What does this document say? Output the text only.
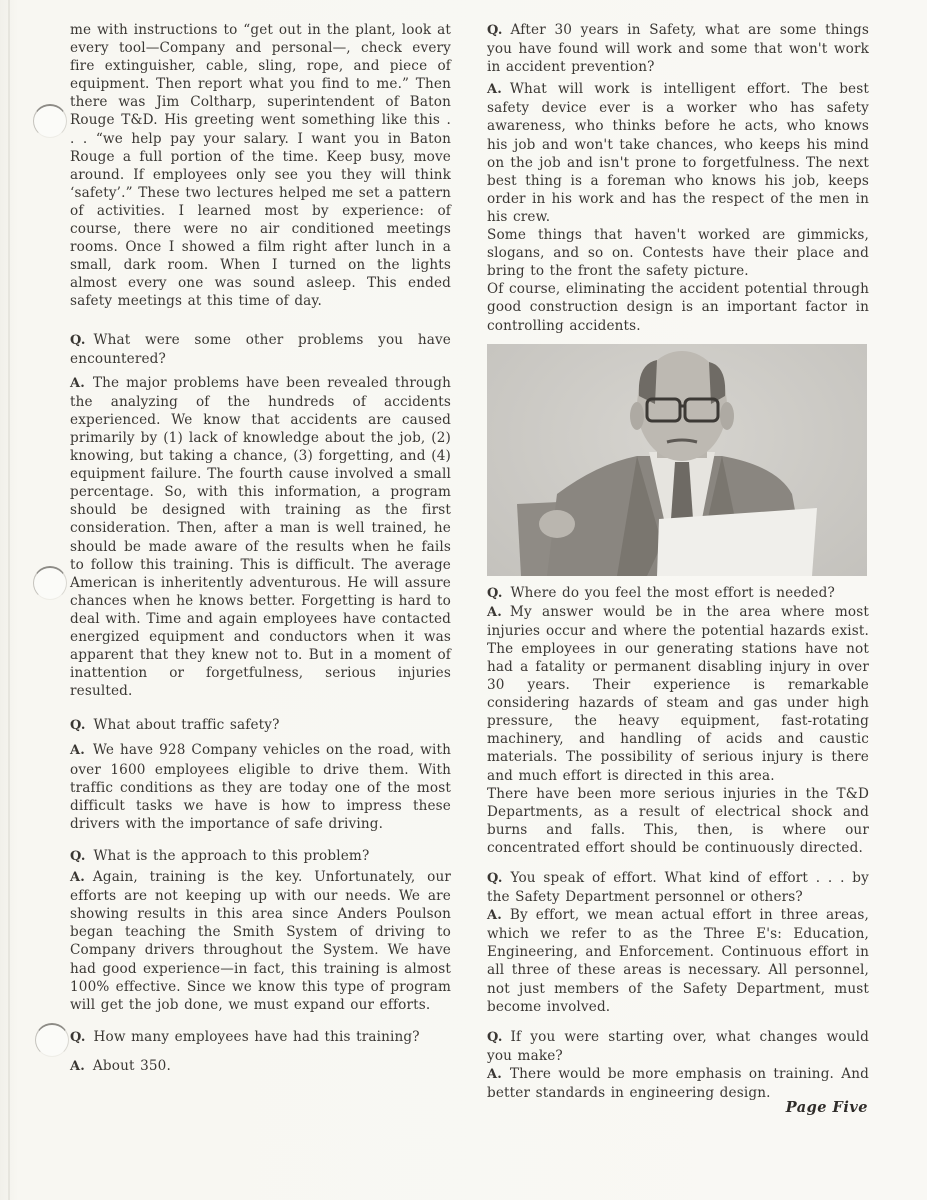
me with instructions to “get out in the plant, look at every tool—Company and personal—, check every fire extinguisher, cable, sling, rope, and piece of equipment. Then report what you find to me.” Then there was Jim Coltharp, superintendent of Baton Rouge T&D. His greeting went something like this . . . “we help pay your salary. I want you in Baton Rouge a full portion of the time. Keep busy, move around. If employees only see you they will think ‘safety’.” These two lectures helped me set a pattern of activities. I learned most by experience: of course, there were no air conditioned meetings rooms. Once I showed a film right after lunch in a small, dark room. When I turned on the lights almost every one was sound asleep. This ended safety meetings at this time of day.

Q. What were some other problems you have encountered?

A. The major problems have been revealed through the analyzing of the hundreds of accidents experienced. We know that accidents are caused primarily by (1) lack of knowledge about the job, (2) knowing, but taking a chance, (3) forgetting, and (4) equipment failure. The fourth cause involved a small percentage. So, with this information, a program should be designed with training as the first consideration. Then, after a man is well trained, he should be made aware of the results when he fails to follow this training. This is difficult. The average American is inheritently adventurous. He will assure chances when he knows better. Forgetting is hard to deal with. Time and again employees have contacted energized equipment and conductors when it was apparent that they knew not to. But in a moment of inattention or forgetfulness, serious injuries resulted.

Q. What about traffic safety?

A. We have 928 Company vehicles on the road, with over 1600 employees eligible to drive them. With traffic conditions as they are today one of the most difficult tasks we have is how to impress these drivers with the importance of safe driving.

Q. What is the approach to this problem?

A. Again, training is the key. Unfortunately, our efforts are not keeping up with our needs. We are showing results in this area since Anders Poulson began teaching the Smith System of driving to Company drivers throughout the System. We have had good experience—in fact, this training is almost 100% effective. Since we know this type of program will get the job done, we must expand our efforts.

Q. How many employees have had this training?

A. About 350.

Q. After 30 years in Safety, what are some things you have found will work and some that won't work in accident prevention?

A. What will work is intelligent effort. The best safety device ever is a worker who has safety awareness, who thinks before he acts, who knows his job and won't take chances, who keeps his mind on the job and isn't prone to forgetfulness. The next best thing is a foreman who knows his job, keeps order in his work and has the respect of the men in his crew.

Some things that haven't worked are gimmicks, slogans, and so on. Contests have their place and bring to the front the safety picture.

Of course, eliminating the accident potential through good construction design is an important factor in controlling accidents.

Q. Where do you feel the most effort is needed?

A. My answer would be in the area where most injuries occur and where the potential hazards exist. The employees in our generating stations have not had a fatality or permanent disabling injury in over 30 years. Their experience is remarkable considering hazards of steam and gas under high pressure, the heavy equipment, fast-rotating machinery, and handling of acids and caustic materials. The possibility of serious injury is there and much effort is directed in this area.

There have been more serious injuries in the T&D Departments, as a result of electrical shock and burns and falls. This, then, is where our concentrated effort should be continuously directed.

Q. You speak of effort. What kind of effort . . . by the Safety Department personnel or others?

A. By effort, we mean actual effort in three areas, which we refer to as the Three E's: Education, Engineering, and Enforcement. Continuous effort in all three of these areas is necessary. All personnel, not just members of the Safety Department, must become involved.

Q. If you were starting over, what changes would you make?

A. There would be more emphasis on training. And better standards in engineering design.

Page Five
